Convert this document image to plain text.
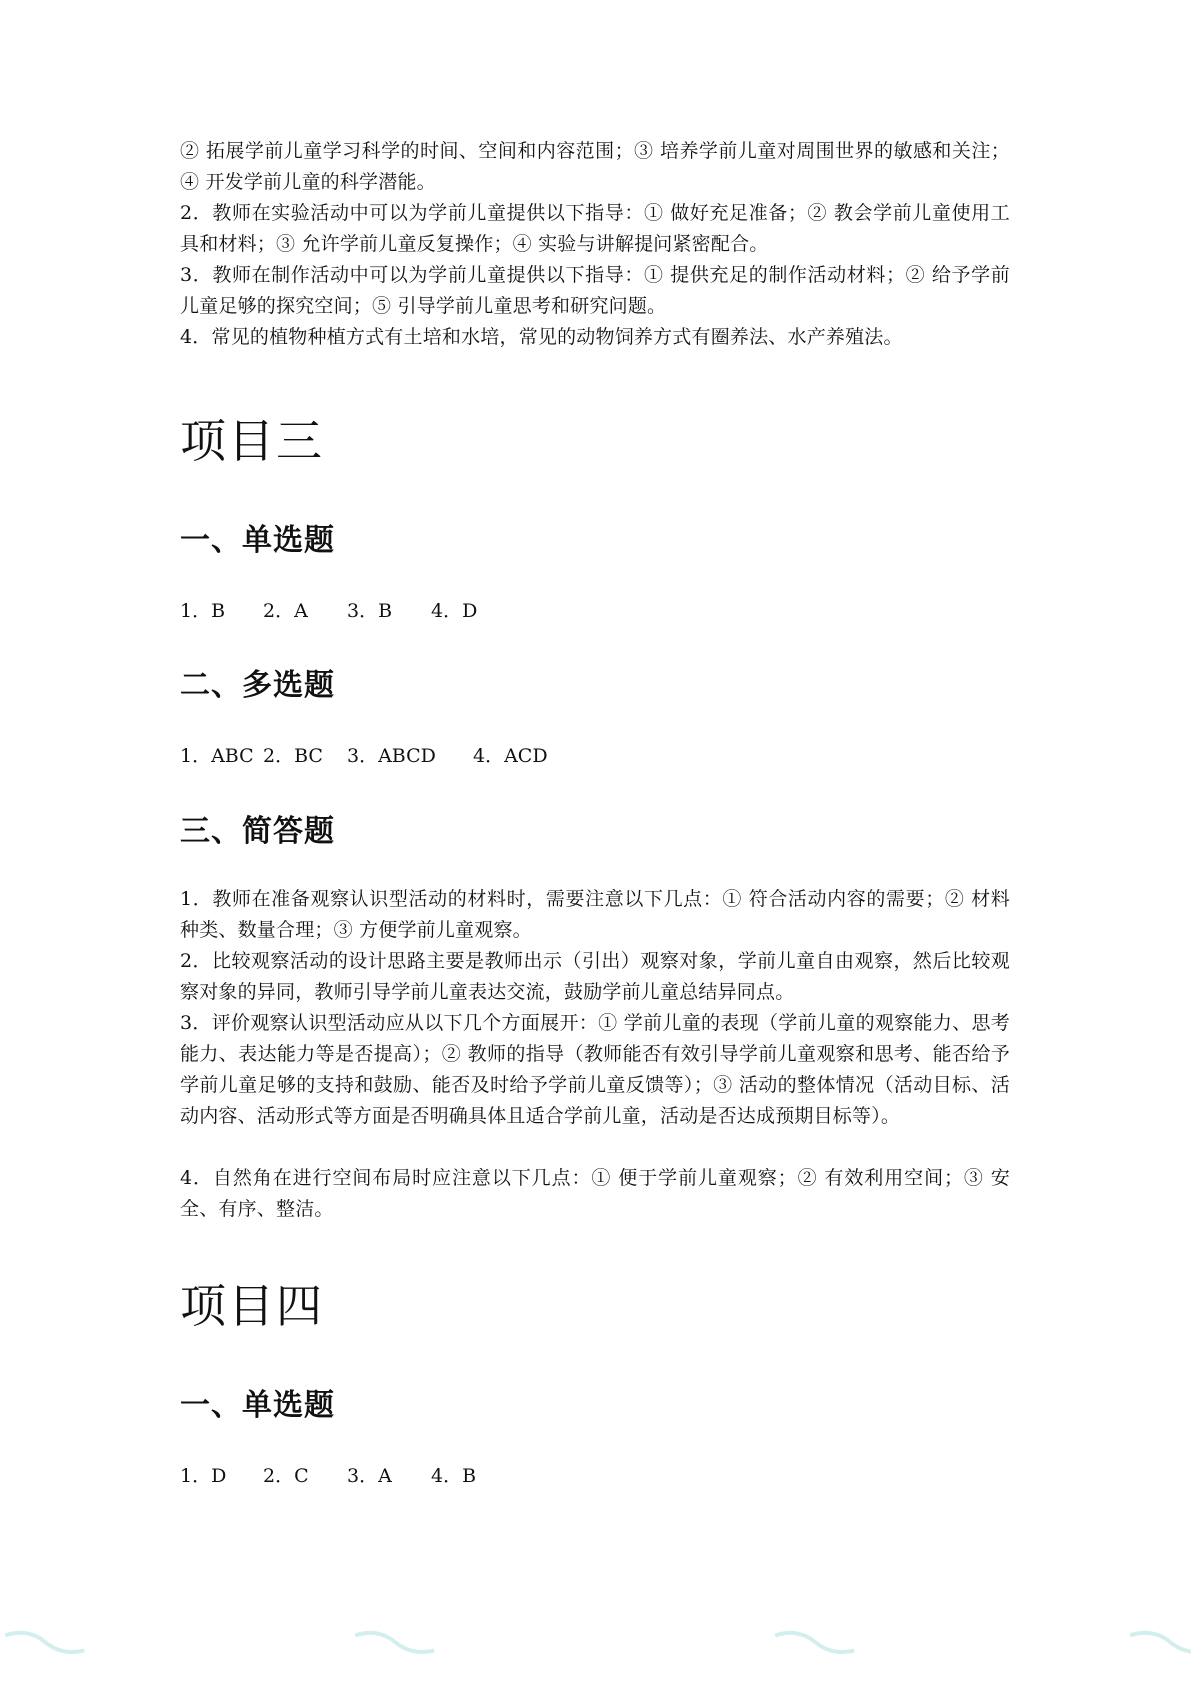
② 拓展学前儿童学习科学的时间、空间和内容范围；③ 培养学前儿童对周围世界的敏感和关注；④ 开发学前儿童的科学潜能。

2．教师在实验活动中可以为学前儿童提供以下指导：① 做好充足准备；② 教会学前儿童使用工具和材料；③ 允许学前儿童反复操作；④ 实验与讲解提问紧密配合。

3．教师在制作活动中可以为学前儿童提供以下指导：① 提供充足的制作活动材料；② 给予学前儿童足够的探究空间；⑤ 引导学前儿童思考和研究问题。

4．常见的植物种植方式有土培和水培，常见的动物饲养方式有圈养法、水产养殖法。

项目三
一、单选题
1．B	2．A	3．B	4．D
二、多选题
1．ABC 2．BC	3．ABCD	4．ACD
三、简答题

1．教师在准备观察认识型活动的材料时，需要注意以下几点：① 符合活动内容的需要；② 材料种类、数量合理；③ 方便学前儿童观察。

2．比较观察活动的设计思路主要是教师出示（引出）观察对象，学前儿童自由观察，然后比较观察对象的异同，教师引导学前儿童表达交流，鼓励学前儿童总结异同点。

3．评价观察认识型活动应从以下几个方面展开：① 学前儿童的表现（学前儿童的观察能力、思考能力、表达能力等是否提高）；② 教师的指导（教师能否有效引导学前儿童观察和思考、能否给予学前儿童足够的支持和鼓励、能否及时给予学前儿童反馈等）；③ 活动的整体情况（活动目标、活动内容、活动形式等方面是否明确具体且适合学前儿童，活动是否达成预期目标等）。

4．自然角在进行空间布局时应注意以下几点：① 便于学前儿童观察；② 有效利用空间；③ 安全、有序、整洁。

项目四
一、单选题
1．D	2．C	3．A	4．B
